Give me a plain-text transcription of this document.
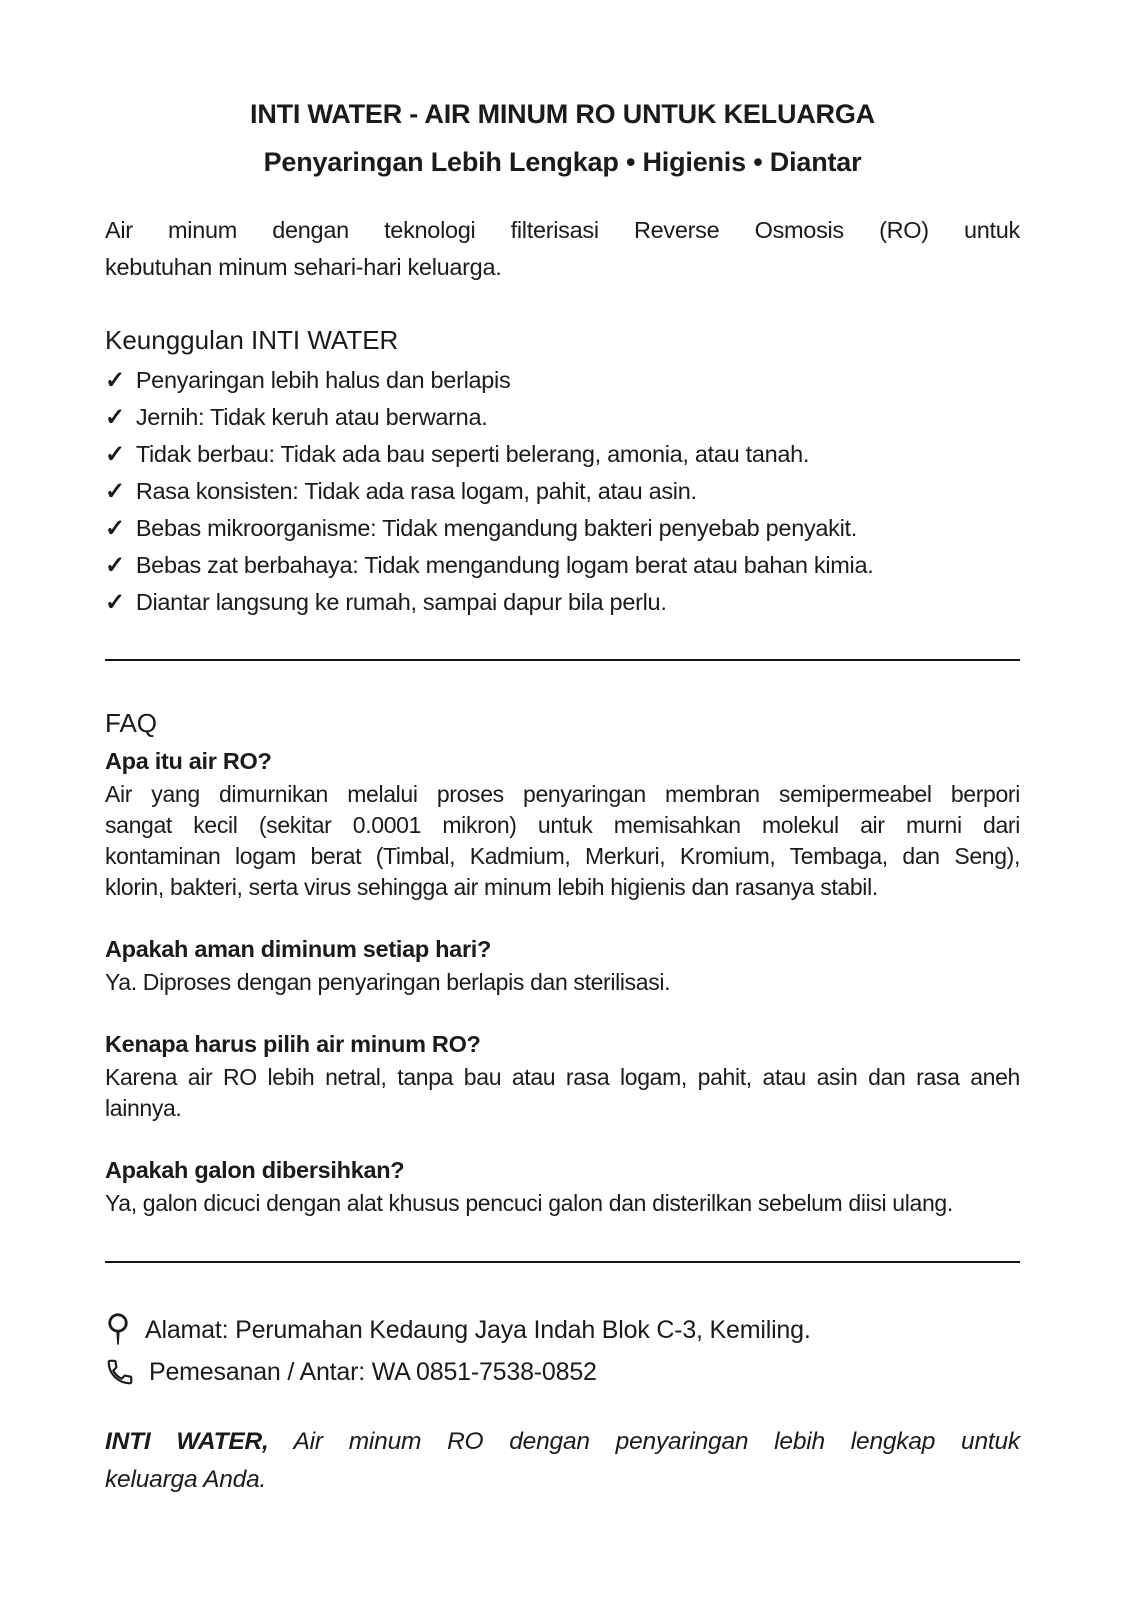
INTI WATER - AIR MINUM RO UNTUK KELUARGA
Penyaringan Lebih Lengkap • Higienis • Diantar
Air minum dengan teknologi filterisasi Reverse Osmosis (RO) untuk
kebutuhan minum sehari-hari keluarga.
Keunggulan INTI WATER
✓ Penyaringan lebih halus dan berlapis
✓ Jernih: Tidak keruh atau berwarna.
✓ Tidak berbau: Tidak ada bau seperti belerang, amonia, atau tanah.
✓ Rasa konsisten: Tidak ada rasa logam, pahit, atau asin.
✓ Bebas mikroorganisme: Tidak mengandung bakteri penyebab penyakit.
✓ Bebas zat berbahaya: Tidak mengandung logam berat atau bahan kimia.
✓ Diantar langsung ke rumah, sampai dapur bila perlu.
FAQ
Apa itu air RO?
Air yang dimurnikan melalui proses penyaringan membran semipermeabel berpori
sangat kecil (sekitar 0.0001 mikron) untuk memisahkan molekul air murni dari
kontaminan logam berat (Timbal, Kadmium, Merkuri, Kromium, Tembaga, dan Seng),
klorin, bakteri, serta virus sehingga air minum lebih higienis dan rasanya stabil.
Apakah aman diminum setiap hari?
Ya. Diproses dengan penyaringan berlapis dan sterilisasi.
Kenapa harus pilih air minum RO?
Karena air RO lebih netral, tanpa bau atau rasa logam, pahit, atau asin dan rasa aneh
lainnya.
Apakah galon dibersihkan?
Ya, galon dicuci dengan alat khusus pencuci galon dan disterilkan sebelum diisi ulang.
Alamat: Perumahan Kedaung Jaya Indah Blok C-3, Kemiling.
Pemesanan / Antar: WA 0851-7538-0852
INTI WATER, Air minum RO dengan penyaringan lebih lengkap untuk
keluarga Anda.
